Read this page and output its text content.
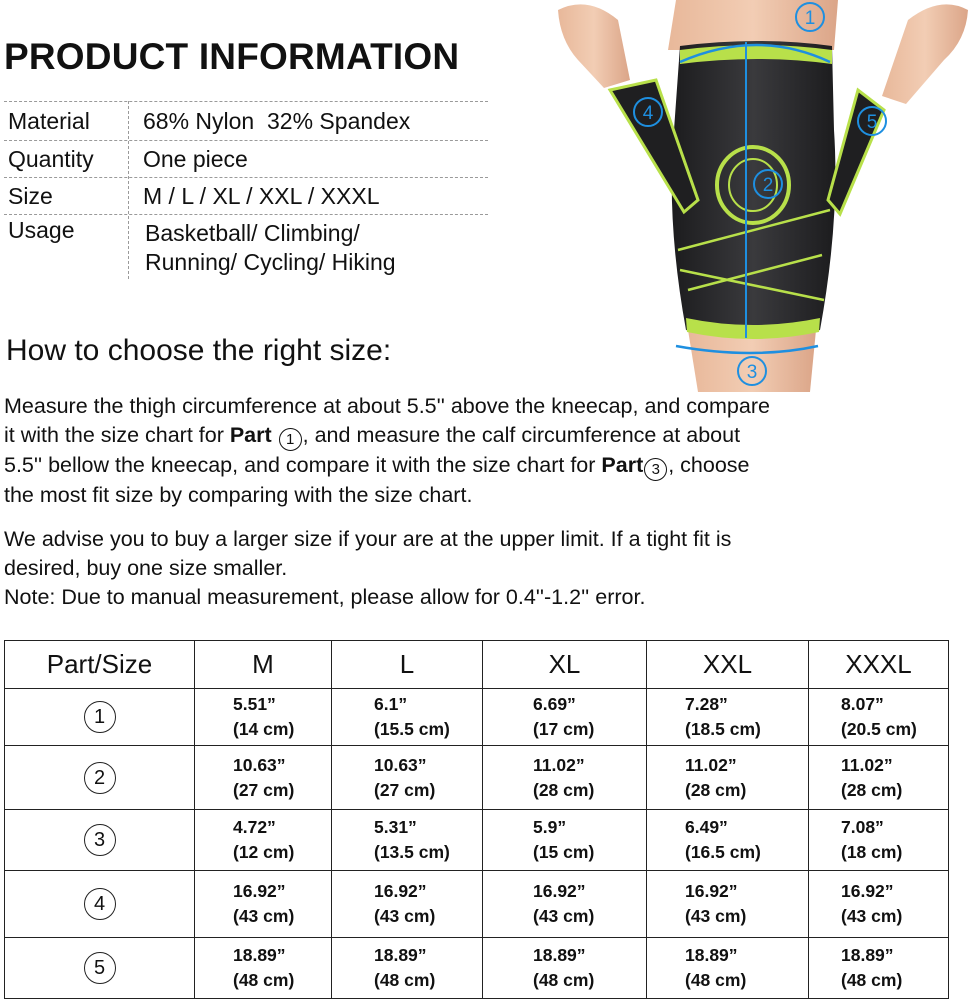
PRODUCT INFORMATION
Material 68% Nylon  32% Spandex
Quantity One piece
Size	M / L / XL / XXL / XXXL
Usage	Basketball/ Climbing/
Running/ Cycling/ Hiking
How to choose the right size:
Measure the thigh circumference at about 5.5'' above the kneecap, and compare
it with the size chart for Part 1 , and measure the calf circumference at about
5.5'' bellow the kneecap, and compare it with the size chart for Part 3 , choose
the most fit size by comparing with the size chart.
We advise you to buy a larger size if your are at the upper limit. If a tight fit is
desired, buy one size smaller.
Note: Due to manual measurement, please allow for 0.4''-1.2'' error.
Part/Size	M	L	XL	XXL	XXXL
1	5.51”
(14 cm)	6.1”
(15.5 cm)	6.69”
(17 cm)	7.28”
(18.5 cm)	8.07”
(20.5 cm)

2	10.63”
(27 cm)	10.63”
(27 cm)	11.02”
(28 cm)	11.02”
(28 cm)	11.02”
(28 cm)

3	4.72”
(12 cm)	5.31”
(13.5 cm)	5.9”
(15 cm)	6.49”
(16.5 cm)	7.08”
(18 cm)

4	16.92”
(43 cm)	16.92”
(43 cm)	16.92”
(43 cm)	16.92”
(43 cm)	16.92”
(43 cm)

5	18.89”
(48 cm)	18.89”
(48 cm)	18.89”
(48 cm)	18.89”
(48 cm)	18.89”
(48 cm)
1
2
3
4	5
